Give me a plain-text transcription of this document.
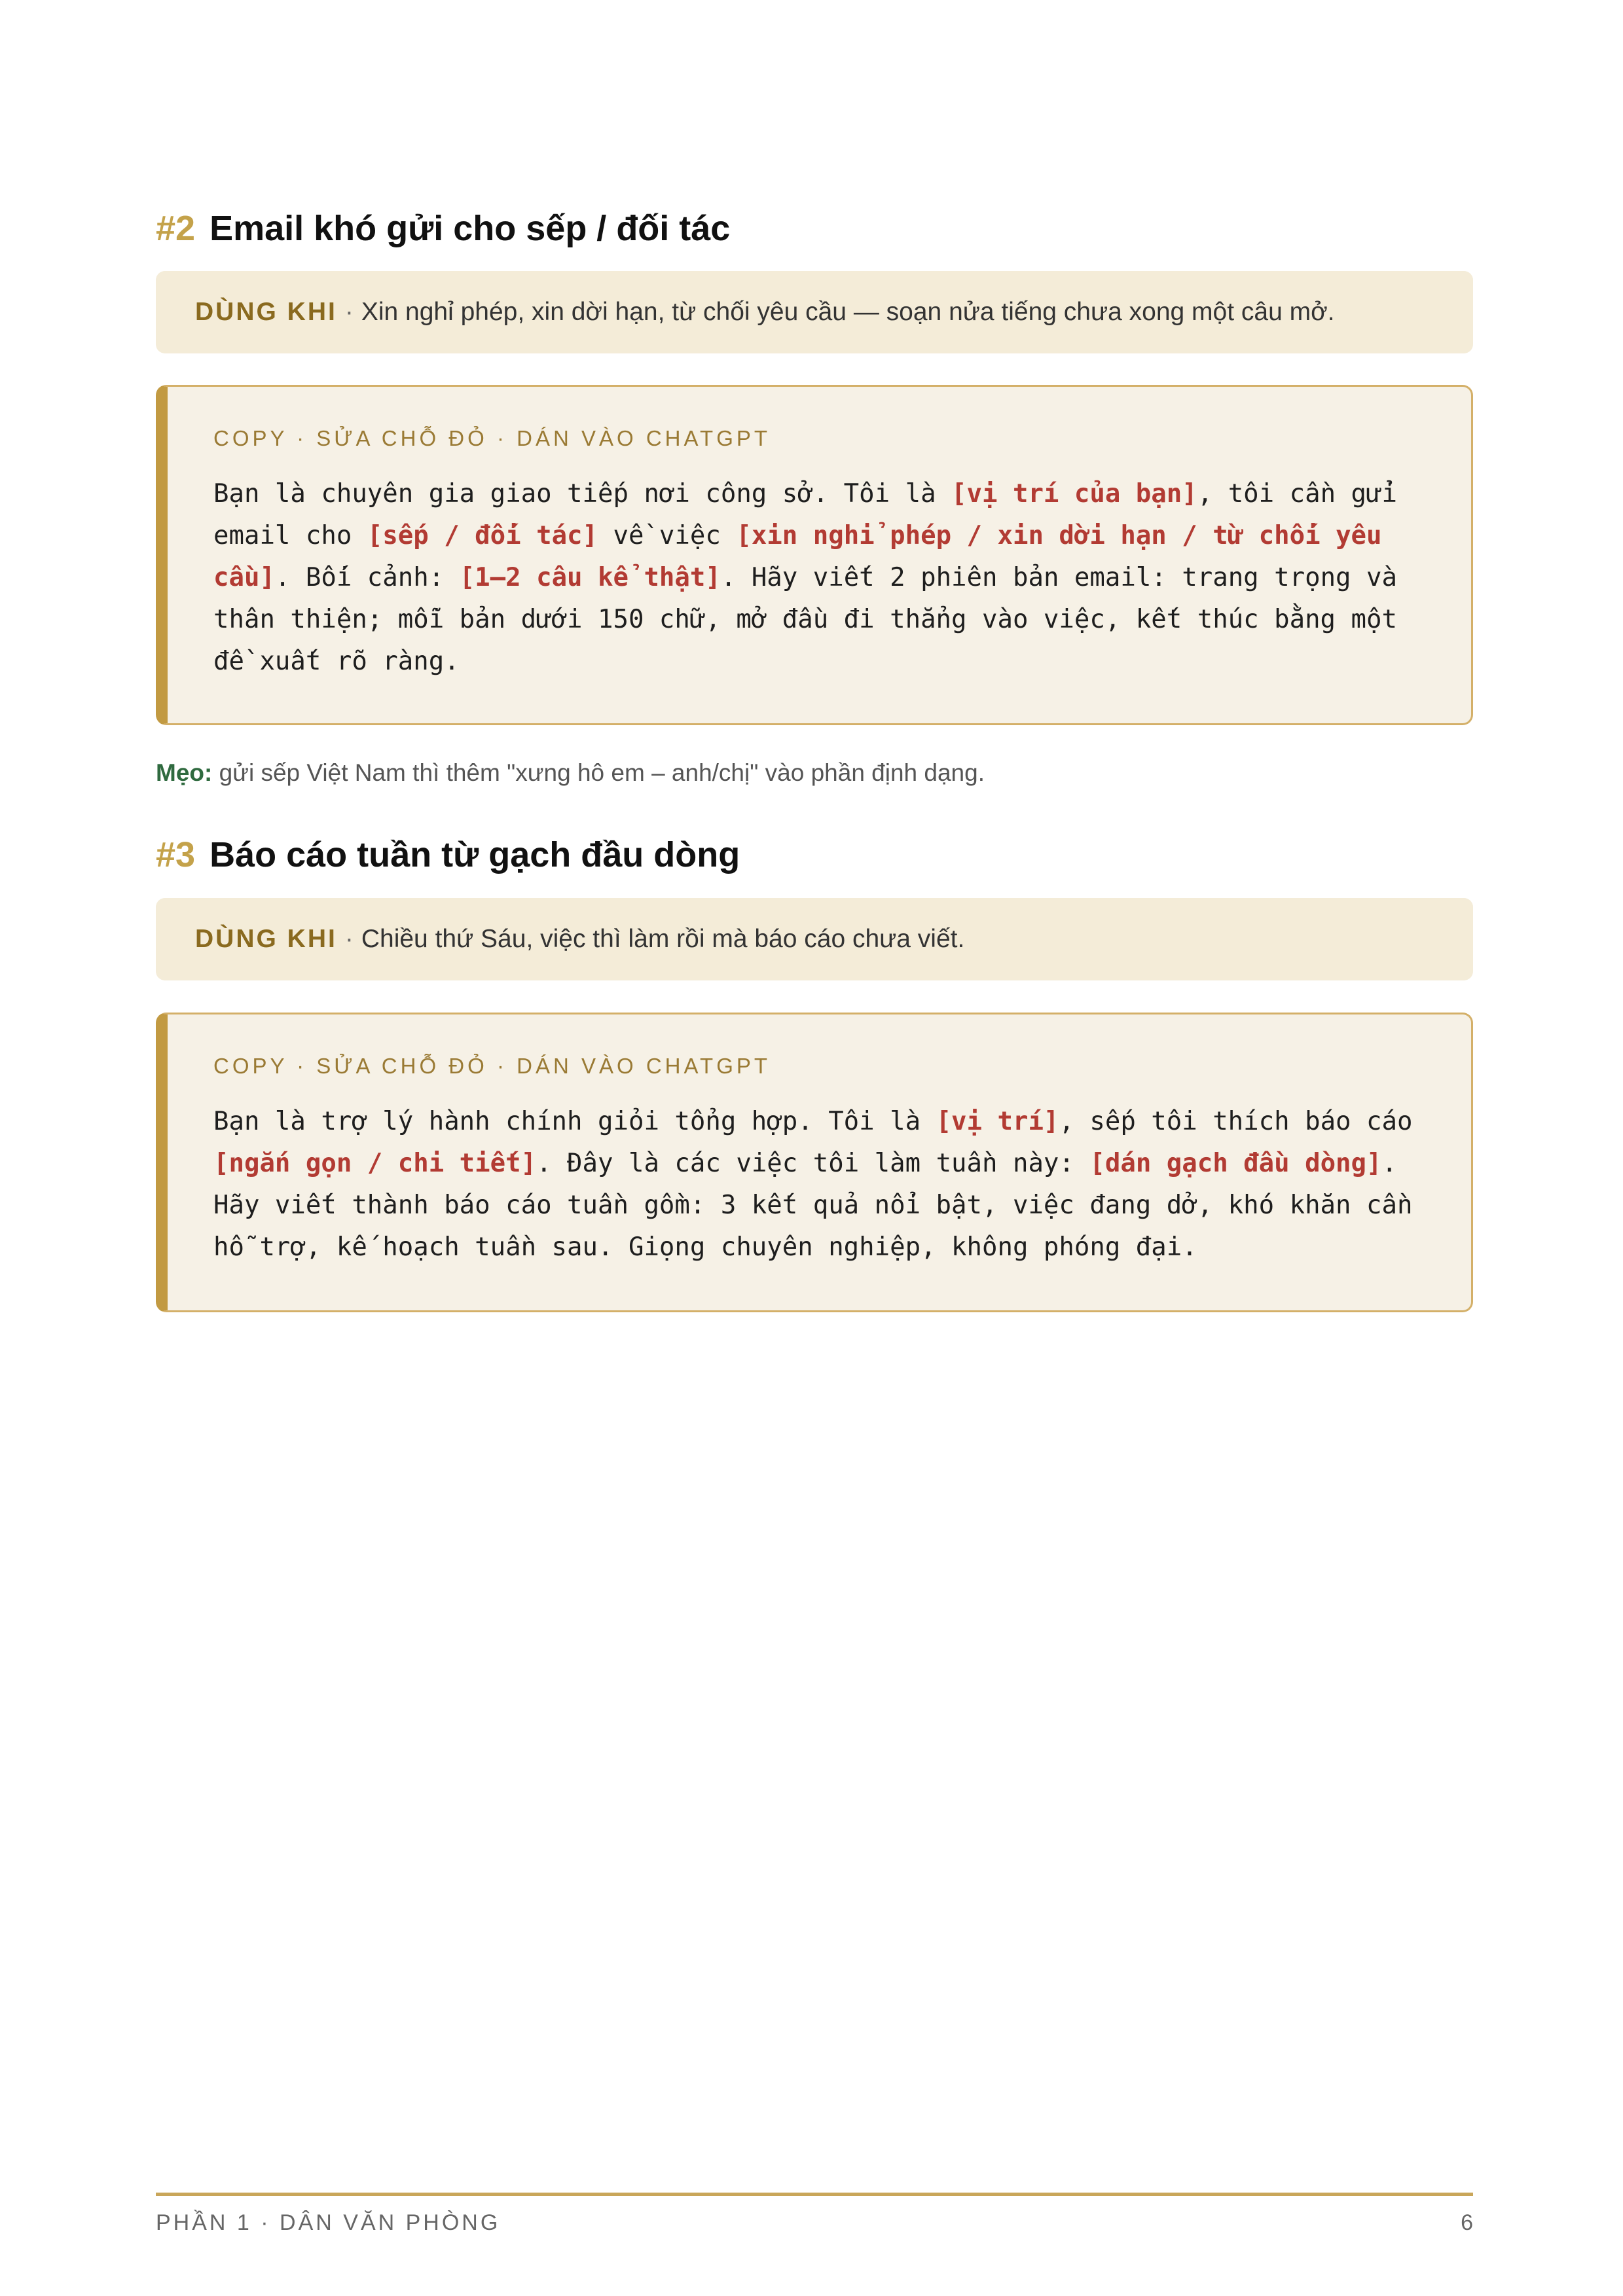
#2 Email khó gửi cho sếp / đối tác
DÙNG KHI · Xin nghỉ phép, xin dời hạn, từ chối yêu cầu — soạn nửa tiếng chưa xong một câu mở.
COPY · SỬA CHỖ ĐỎ · DÁN VÀO CHATGPT
Bạn là chuyên gia giao tiếp nơi công sở. Tôi là [vị trí của bạn], tôi cần gửi email cho [sếp / đối tác] về việc [xin nghỉ phép / xin dời hạn / từ chối yêu cầu]. Bối cảnh: [1–2 câu kể thật]. Hãy viết 2 phiên bản email: trang trọng và thân thiện; mỗi bản dưới 150 chữ, mở đầu đi thẳng vào việc, kết thúc bằng một đề xuất rõ ràng.
Mẹo: gửi sếp Việt Nam thì thêm "xưng hô em – anh/chị" vào phần định dạng.
#3 Báo cáo tuần từ gạch đầu dòng
DÙNG KHI · Chiều thứ Sáu, việc thì làm rồi mà báo cáo chưa viết.
COPY · SỬA CHỖ ĐỎ · DÁN VÀO CHATGPT
Bạn là trợ lý hành chính giỏi tổng hợp. Tôi là [vị trí], sếp tôi thích báo cáo [ngắn gọn / chi tiết]. Đây là các việc tôi làm tuần này: [dán gạch đầu dòng]. Hãy viết thành báo cáo tuần gồm: 3 kết quả nổi bật, việc đang dở, khó khăn cần hỗ trợ, kế hoạch tuần sau. Giọng chuyên nghiệp, không phóng đại.
PHẦN 1 · DÂN VĂN PHÒNG	6
